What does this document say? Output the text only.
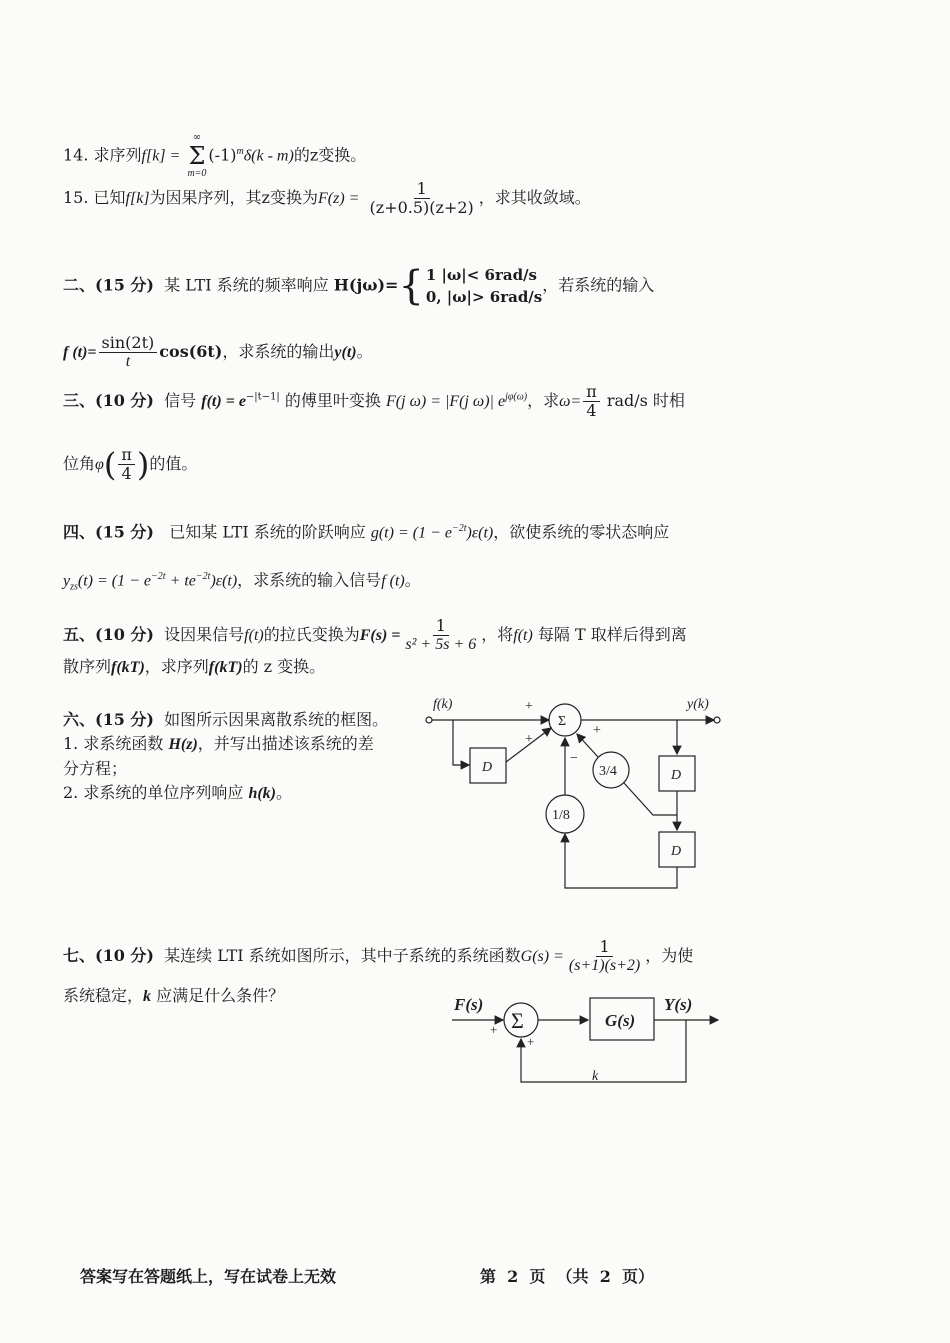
14. 求序列f[k] =
∞
Σ
m=0
$(-1)^m\delta(k - m)$的z变换。
15. 已知f[k]为因果序列，其z变换为$F(z) = \frac{1}{(z+0.5)(z+2)}$ ，求其收敛域。
二、(15 分) 某 LTI 系统的频率响应 H(jω)= { 1 |ω|< 6rad/s
0, |ω|> 6rad/s
，若系统的输入
f $(t)= \frac{\sin(2t)}{t} \cos(6t)$，求系统的输出y(t)。
三、(10 分) 信号 $f(t) = e^{-|t-1|}$ 的傅里叶变换 F(j ω) = |F(j ω)| $e^{j\varphi(\omega)}$，求$\omega= \frac{\pi}{4} rad/s$ 时相
位角$\varphi( \frac{\pi}{4}$ )的值。
四、(15 分) 已知某 LTI 系统的阶跃响应 $g(t) = (1 - e^{-2t})\varepsilon(t)$，欲使系统的零状态响应
$y_{zs}(t) = (1 - e^{-2t} + te^{-2t})\varepsilon(t)$，求系统的输入信号f (t)。
五、(10 分) 设因果信号f(t)的拉氏变换为$F(s) = \frac{1}{\text{s² + 5s + 6}}$ ，将f(t) 每隔 T 取样后得到离
散序列f(kT)，求序列f(kT)的 z 变换。
六、(15 分) 如图所示因果离散系统的框图。
1. 求系统函数 H(z)，并写出描述该系统的差
分方程；
2. 求系统的单位序列响应 h(k)。
f(k)	y(k)
Σ
D
D
D
3/4
1/8
+
+
+
−
七、(10 分) 某连续 LTI 系统如图所示，其中子系统的系统函数$G(s) = \frac{1}{(s+1)(s+2)}$ ，为使
系统稳定，k 应满足什么条件？	F(s)	Y(s)
Σ	G(s)
k
+
+
答案写在答题纸上，写在试卷上无效	第  2  页  （共  2  页）
